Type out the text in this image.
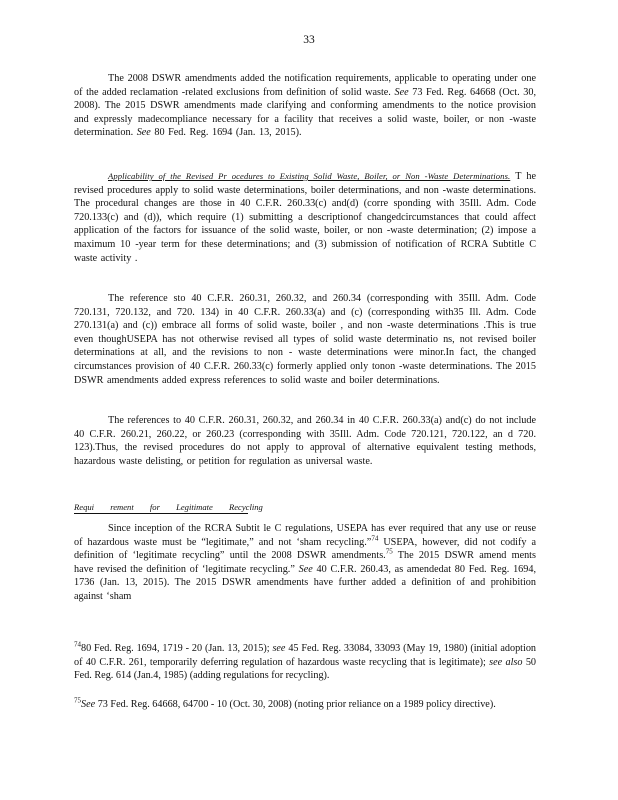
33

The 2008 DSWR amendments added the notification requirements, applicable to operating under one of the added reclamation -related exclusions from definition of solid waste. See 73 Fed. Reg. 64668 (Oct. 30, 2008). The 2015 DSWR amendments made clarifying and conforming amendments to the notice provision and expressly madecompliance necessary for a facility that receives a solid waste, boiler, or non -waste determination. See 80 Fed. Reg. 1694 (Jan. 13, 2015).

Applicability of the Revised Pr ocedures to Existing Solid Waste, Boiler, or Non -Waste Determinations. T he revised procedures apply to solid waste determinations, boiler determinations, and non -waste determinations. The procedural changes are those in 40 C.F.R. 260.33(c) and(d) (corre sponding with 35Ill. Adm. Code 720.133(c) and (d)), which require (1) submitting a descriptionof changedcircumstances that could affect application of the factors for issuance of the solid waste, boiler, or non -waste determination; (2) impose a maximum 10 -year term for these determinations; and (3) submission of notification of RCRA Subtitle C waste activity .

The reference sto 40 C.F.R. 260.31, 260.32, and 260.34 (corresponding with 35Ill. Adm. Code 720.131, 720.132, and 720. 134) in 40 C.F.R. 260.33(a) and (c) (corresponding with35 Ill. Adm. Code 270.131(a) and (c)) embrace all forms of solid waste, boiler , and non -waste determinations .This is true even thoughUSEPA has not otherwise revised all types of solid waste determinatio ns, not revised boiler determinations at all, and the revisions to non - waste determinations were minor.In fact, the changed circumstances provision of 40 C.F.R. 260.33(c) formerly applied only tonon -waste determinations. The 2015 DSWR amendments added express references to solid waste and boiler determinations.

The references to 40 C.F.R. 260.31, 260.32, and 260.34 in 40 C.F.R. 260.33(a) and(c) do not include 40 C.F.R. 260.21, 260.22, or 260.23 (corresponding with 35Ill. Adm. Code 720.121, 720.122, an d 720. 123).Thus, the revised procedures do not apply to approval of alternative equivalent testing methods, hazardous waste delisting, or petition for regulation as universal waste.

Requi rement for Legitimate Recycling

Since inception of the RCRA Subtit le C regulations, USEPA has ever required that any use or reuse of hazardous waste must be “legitimate,” and not ‘sham recycling.”$^{74}$ USEPA, however, did not codify a definition of ‘legitimate recycling” until the 2008 DSWR amendments.$^{75}$ The 2015 DSWR amend ments have revised the definition of ‘legitimate recycling.” See 40 C.F.R. 260.43, as amendedat 80 Fed. Reg. 1694, 1736 (Jan. 13, 2015). The 2015 DSWR amendments have further added a definition of and prohibition against ‘sham

$^{74}$80 Fed. Reg. 1694, 1719 - 20 (Jan. 13, 2015); see 45 Fed. Reg. 33084, 33093 (May 19, 1980) (initial adoption of 40 C.F.R. 261, temporarily deferring regulation of hazardous waste recycling that is legitimate); see also 50 Fed. Reg. 614 (Jan.4, 1985) (adding regulations for recycling).

$^{75}$See 73 Fed. Reg. 64668, 64700 - 10 (Oct. 30, 2008) (noting prior reliance on a 1989 policy directive).
